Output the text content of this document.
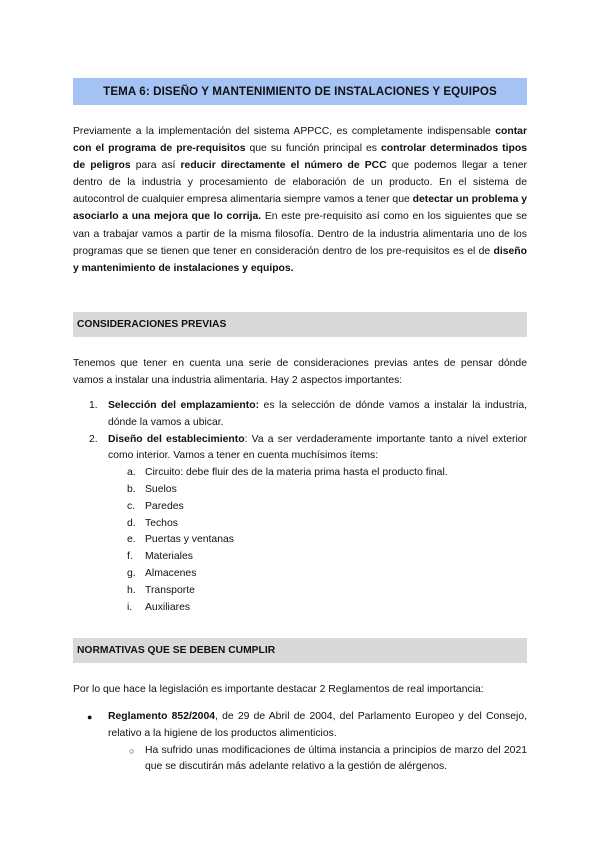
TEMA 6: DISEÑO Y MANTENIMIENTO DE INSTALACIONES Y EQUIPOS

Previamente a la implementación del sistema APPCC, es completamente indispensable contar con el programa de pre-requisitos que su función principal es controlar determinados tipos de peligros para así reducir directamente el número de PCC que podemos llegar a tener dentro de la industria y procesamiento de elaboración de un producto. En el sistema de autocontrol de cualquier empresa alimentaria siempre vamos a tener que detectar un problema y asociarlo a una mejora que lo corrija. En este pre-requisito así como en los siguientes que se van a trabajar vamos a partir de la misma filosofía. Dentro de la industria alimentaria uno de los programas que se tienen que tener en consideración dentro de los pre-requisitos es el de diseño y mantenimiento de instalaciones y equipos.

CONSIDERACIONES PREVIAS

Tenemos que tener en cuenta una serie de consideraciones previas antes de pensar dónde vamos a instalar una industria alimentaria. Hay 2 aspectos importantes:

1. Selección del emplazamiento: es la selección de dónde vamos a instalar la industria, dónde la vamos a ubicar.
2. Diseño del establecimiento: Va a ser verdaderamente importante tanto a nivel exterior como interior. Vamos a tener en cuenta muchísimos ítems:
a. Circuito: debe fluir des de la materia prima hasta el producto final.
b. Suelos
c. Paredes
d. Techos
e. Puertas y ventanas
f. Materiales
g. Almacenes
h. Transporte
i. Auxiliares
NORMATIVAS QUE SE DEBEN CUMPLIR

Por lo que hace la legislación es importante destacar 2 Reglamentos de real importancia:

● Reglamento 852/2004, de 29 de Abril de 2004, del Parlamento Europeo y del Consejo, relativo a la higiene de los productos alimenticios.
○ Ha sufrido unas modificaciones de última instancia a principios de marzo del 2021 que se discutirán más adelante relativo a la gestión de alérgenos.
